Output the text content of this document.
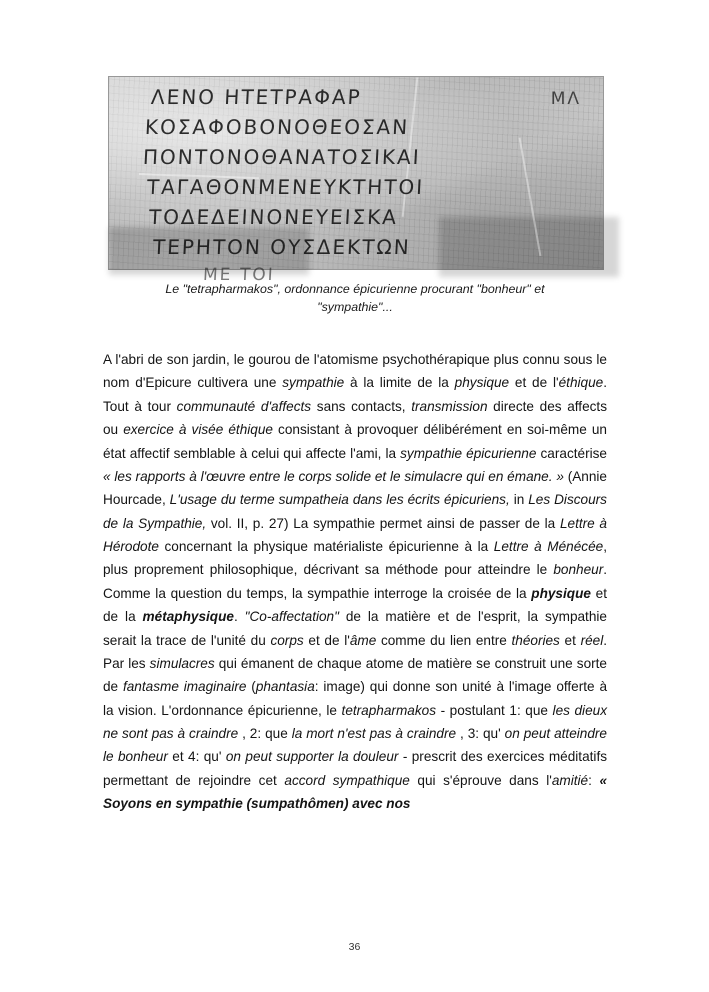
ΛΕΝΟ ΗΤΕΤΡΑΦΑΡ
ΚΟΣΑΦΟΒΟΝΟΘΕΟΣΑΝ
ΠΟΝΤΟΝΟΘΑΝΑΤΟΣΙΚΑΙ
ΤΑΓΑΘΟΝΜΕΝΕΥΚΤΗΤΟΙ
ΤΟΔΕΔΕΙΝΟΝΕΥΕΙΣΚΑ
ΤΕΡΗΤΟΝ ΟΥΣΔΕΚΤΩΝ
ΜΕ ΤΟΙ
MΛ
Le "tetrapharmakos", ordonnance épicurienne procurant "bonheur" et
"sympathie"...

A l'abri de son jardin, le gourou de l'atomisme psychothérapique plus connu sous le nom d'Epicure cultivera une sympathie à la limite de la physique et de l'éthique. Tout à tour communauté d'affects sans contacts, transmission directe des affects ou exercice à visée éthique consistant à provoquer délibérément en soi-même un état affectif semblable à celui qui affecte l'ami, la sympathie épicurienne caractérise « les rapports à l'œuvre entre le corps solide et le simulacre qui en émane. » (Annie Hourcade, L'usage du terme sumpatheia dans les écrits épicuriens, in Les Discours de la Sympathie, vol. II, p. 27) La sympathie permet ainsi de passer de la Lettre à Hérodote concernant la physique matérialiste épicurienne à la Lettre à Ménécée, plus proprement philosophique, décrivant sa méthode pour atteindre le bonheur. Comme la question du temps, la sympathie interroge la croisée de la physique et de la métaphysique. "Co-affectation" de la matière et de l'esprit, la sympathie serait la trace de l'unité du corps et de l'âme comme du lien entre théories et réel. Par les simulacres qui émanent de chaque atome de matière se construit une sorte de fantasme imaginaire (phantasia: image) qui donne son unité à l'image offerte à la vision. L'ordonnance épicurienne, le tetrapharmakos - postulant 1: que les dieux ne sont pas à craindre , 2: que la mort n'est pas à craindre , 3: qu' on peut atteindre le bonheur et 4: qu' on peut supporter la douleur - prescrit des exercices méditatifs permettant de rejoindre cet accord sympathique qui s'éprouve dans l'amitié: « Soyons en sympathie (sumpathômen) avec nos

36
